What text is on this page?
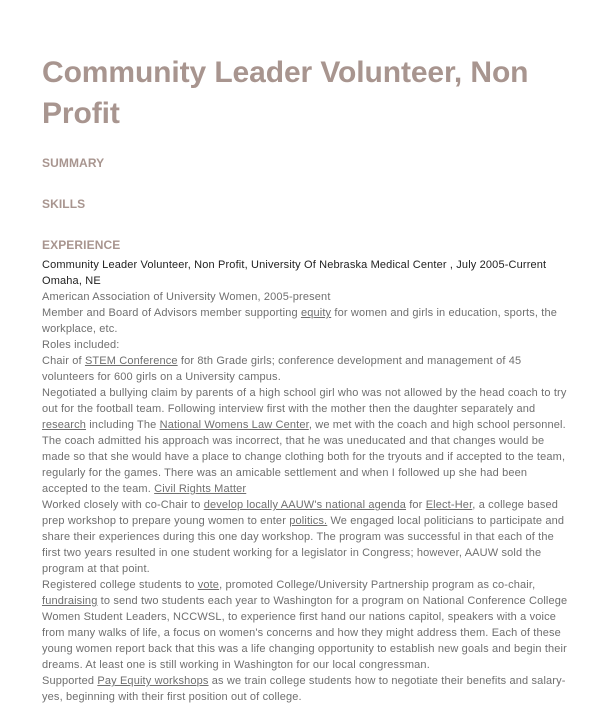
Community Leader Volunteer, Non Profit
SUMMARY
SKILLS
EXPERIENCE

Community Leader Volunteer, Non Profit, University Of Nebraska Medical Center , July 2005-Current

Omaha, NE

American Association of University Women, 2005-present

Member and Board of Advisors member supporting equity for women and girls in education, sports, the workplace, etc.

Roles included:

Chair of STEM Conference for 8th Grade girls; conference development and management of 45 volunteers for 600 girls on a University campus.

Negotiated a bullying claim by parents of a high school girl who was not allowed by the head coach to try out for the football team. Following interview first with the mother then the daughter separately and research including The National Womens Law Center, we met with the coach and high school personnel. The coach admitted his approach was incorrect, that he was uneducated and that changes would be made so that she would have a place to change clothing both for the tryouts and if accepted to the team, regularly for the games. There was an amicable settlement and when I followed up she had been accepted to the team. Civil Rights Matter

Worked closely with co-Chair to develop locally AAUW's national agenda for Elect-Her, a college based prep workshop to prepare young women to enter politics. We engaged local politicians to participate and share their experiences during this one day workshop. The program was successful in that each of the first two years resulted in one student working for a legislator in Congress; however, AAUW sold the program at that point.

Registered college students to vote, promoted College/University Partnership program as co-chair, fundraising to send two students each year to Washington for a program on National Conference College Women Student Leaders, NCCWSL, to experience first hand our nations capitol, speakers with a voice from many walks of life, a focus on women's concerns and how they might address them. Each of these young women report back that this was a life changing opportunity to establish new goals and begin their dreams. At least one is still working in Washington for our local congressman.

Supported Pay Equity workshops as we train college students how to negotiate their benefits and salary-yes, beginning with their first position out of college.
